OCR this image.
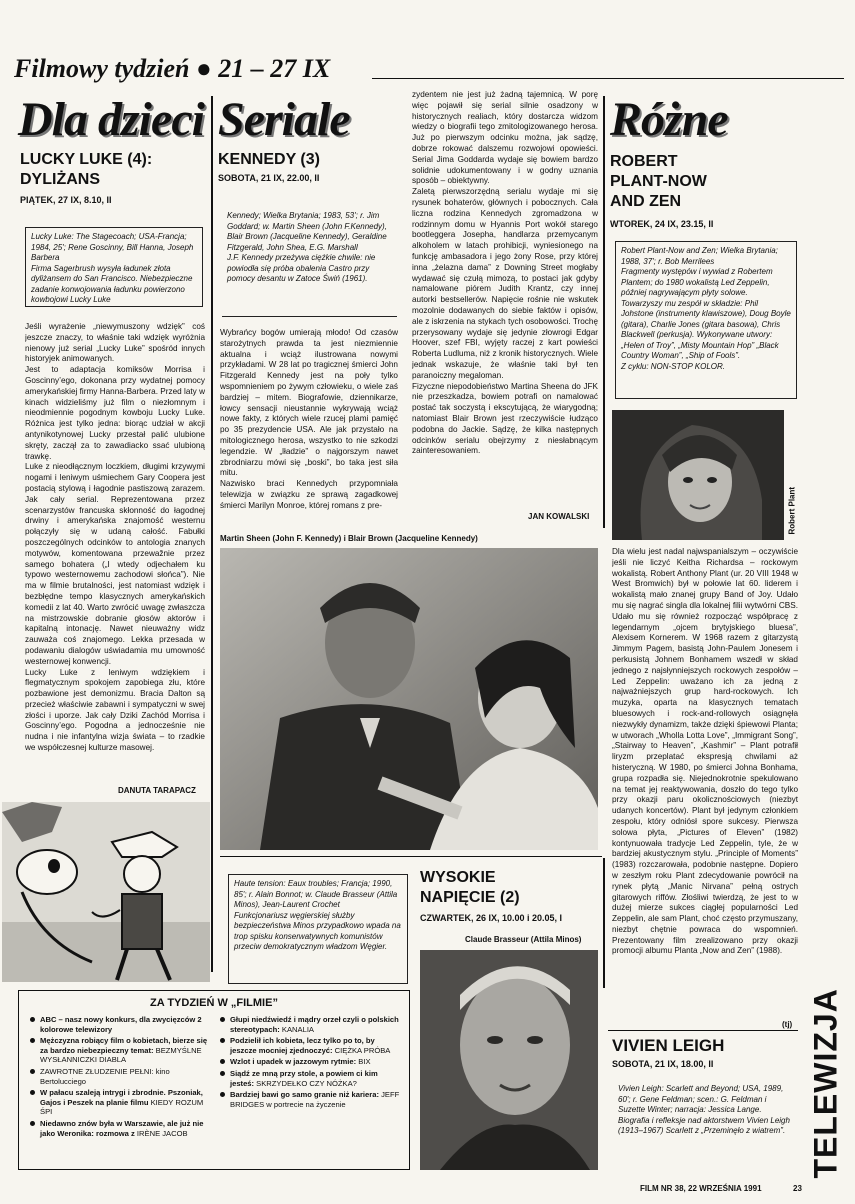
Filmowy tydzień ● 21 – 27 IX
Dla dzieci
LUCKY LUKE (4):
DYLIŻANS
PIĄTEK, 27 IX, 8.10, II
Lucky Luke: The Stagecoach; USA-Francja; 1984, 25'; Rene Goscinny, Bill Hanna, Joseph Barbera
Firma Sagerbrush wysyła ładunek złota dyliżansem do San Francisco. Niebezpieczne zadanie konwojowania ładunku powierzono kowbojowi Lucky Luke
Jeśli wyrażenie „niewymuszony wdzięk” coś jeszcze znaczy, to właśnie taki wdzięk wyróżnia nienowy już serial „Lucky Luke” spośród innych historyjek animowanych.
Jest to adaptacja komiksów Morrisa i Goscinny’ego, dokonana przy wydatnej pomocy amerykańskiej firmy Hanna-Barbera. Przed laty w kinach widzieliśmy już film o niezłomnym i nieodmiennie pogodnym kowboju Lucky Luke. Różnica jest tylko jedna: biorąc udział w akcji antynikotynowej Lucky przestał palić ulubione skręty, zaczął za to zawadiacko ssać ulubioną trawkę.
Luke z nieodłącznym loczkiem, długimi krzywymi nogami i leniwym uśmiechem Gary Coopera jest postacią stylową i łagodnie pastiszową zarazem. Jak cały serial. Reprezentowana przez scenarzystów francuska skłonność do łagodnej drwiny i amerykańska znajomość westernu połączyły się w udaną całość. Fabułki poszczególnych odcinków to antologia znanych motywów, komentowana przewažnie przez samego bohatera („I wtedy odjechałem ku typowo westernowemu zachodowi słońca”). Nie ma w filmie brutalności, jest natomiast wdzięk i bezbłędne tempo klasycznych amerykańskich komedii z lat 40. Warto zwrócić uwagę zwłaszcza na mistrzowskie dobranie głosów aktorów i kapitalną intonację. Nawet nieuważny widz zauważa coś znajomego. Lekka przesada w podawaniu dialogów uświadamia mu umowność westernowej konwencji.
Lucky Luke z leniwym wdziękiem i flegmatycznym spokojem zapobiega złu, które pozbawione jest demonizmu. Bracia Dalton są przecież właściwie zabawni i sympatyczni w swej złości i uporze. Jak cały Dziki Zachód Morrisa i Goscinny’ego. Pogodna a jednocześnie nie nudna i nie infantylna wizja świata – to rzadkie we współczesnej kulturze masowej.
DANUTA TARAPACZ
Seriale
KENNEDY (3)
SOBOTA, 21 IX, 22.00, II
Kennedy; Wielka Brytania; 1983, 53'; r. Jim Goddard; w. Martin Sheen (John F.Kennedy), Blair Brown (Jacqueline Kennedy), Geraldine Fitzgerald, John Shea, E.G. Marshall
J.F. Kennedy przeżywa ciężkie chwile: nie powiodła się próba obalenia Castro przy pomocy desantu w Zatoce Świń (1961).
Wybrańcy bogów umierają młodo! Od czasów starożytnych prawda ta jest niezmiennie aktualna i wciąż ilustrowana nowymi przykładami. W 28 lat po tragicznej śmierci John Fitzgerald Kennedy jest na poły tylko wspomnieniem po żywym człowieku, o wiele zaś bardziej – mitem. Biografowie, dziennikarze, łowcy sensacji nieustannie wykrywają wciąż nowe fakty, z których wiele rzucej plami pamięć po 35 prezydencie USA. Ale jak przystało na mitologicznego herosa, wszystko to nie szkodzi legendzie. W „lładzie” o najgorszym nawet zbrodniarzu mówi się „boski”, bo taka jest siła mitu.
Nazwisko braci Kennedych przypomniała telewizja w związku ze sprawą zagadkowej śmierci Marilyn Monroe, której romans z pre-
zydentem nie jest już żadną tajemnicą. W porę więc pojawił się serial silnie osadzony w historycznych realiach, który dostarcza widzom wiedzy o biografii tego zmitologizowanego herosa. Już po pierwszym odcinku można, jak sądzę, dobrze rokować dalszemu rozwojowi opowieści. Serial Jima Goddarda wydaje się bowiem bardzo solidnie udokumentowany i w godny uznania sposób – obiektywny.
Zaletą pierwszorzędną serialu wydaje mi się rysunek bohaterów, głównych i pobocznych. Cała liczna rodzina Kennedych zgromadzona w rodzinnym domu w Hyannis Port wokół starego bootleggera Josepha, handlarza przemycanym alkoholem w latach prohibicji, wyniesionego na funkcję ambasadora i jego żony Rose, przy której inna „żelazna dama” z Downing Street mogłaby wydawać się czułą mimozą, to postaci jak gdyby namalowane piórem Judith Krantz, czy innej autorki bestsellerów. Napięcie rośnie nie wskutek mozolnie dodawanych do siebie faktów i opisów, ale z iskrzenia na stykach tych osobowości. Trochę przerysowany wydaje się jedynie złowrogi Edgar Hoover, szef FBI, wyjęty raczej z kart powieści Roberta Ludluma, niż z kronik historycznych. Wiele jednak wskazuje, że właśnie taki był ten paranoiczny megaloman.
Fizyczne niepodobieństwo Martina Sheena do JFK nie przeszkadza, bowiem potrafi on namalować postać tak soczystą i ekscytującą, że wiarygodną; natomiast Blair Brown jest rzeczywiście łudząco podobna do Jackie. Sądzę, że kilka następnych odcinków serialu obejrzymy z niesłabnącym zainteresowaniem.
JAN KOWALSKI
Martin Sheen (John F. Kennedy) i Blair Brown (Jacqueline Kennedy)
Haute tension: Eaux troubles; Francja; 1990, 85'; r. Alain Bonnot; w. Claude Brasseur (Attila Minos), Jean-Laurent Crochet
Funkcjonariusz węgierskiej służby bezpieczeństwa Minos przypadkowo wpada na trop spisku konserwatywnych komunistów przeciw demokratycznym władzom Węgier.
WYSOKIE
NAPIĘCIE (2)
CZWARTEK, 26 IX, 10.00 i 20.05, I
Claude Brasseur (Attila Minos)
Różne
ROBERT
PLANT-NOW
AND ZEN
WTOREK, 24 IX, 23.15, II
Robert Plant-Now and Zen; Wielka Brytania; 1988, 37'; r. Bob Merrilees
Fragmenty występów i wywiad z Robertem Plantem; do 1980 wokalistą Led Zeppelin, później nagrywającym płyty solowe. Towarzyszy mu zespół w składzie: Phil Johstone (instrumenty klawiszowe), Doug Boyle (gitara), Charlie Jones (gitara basowa), Chris Blackwell (perkusja). Wykonywane utwory: „Helen of Troy”, „Misty Mountain Hop” „Black Country Woman”, „Ship of Fools”.
Z cyklu: NON-STOP KOLOR.
Robert Plant
Dla wielu jest nadal najwspanialszym – oczywiście jeśli nie liczyć Keitha Richardsa – rockowym wokalistą. Robert Anthony Plant (ur. 20 VIII 1948 w West Bromwich) był w połowie lat 60. liderem i wokalistą mało znanej grupy Band of Joy. Udało mu się nagrać singla dla lokalnej filii wytwórni CBS. Udało mu się również rozpocząć współpracę z legendarnym „ojcem brytyjskiego bluesa”, Alexisem Kornerem. W 1968 razem z gitarzystą Jimmym Pagem, basistą John-Paulem Jonesem i perkusistą Johnem Bonhamem wszedł w skład jednego z najsłynniejszych rockowych zespołów – Led Zeppelin: uważano ich za jedną z najważniejszych grup hard-rockowych. Ich muzyka, oparta na klasycznych tematach bluesowych i rock-and-rollowych osiągnęła niezwykły dynamizm, także dzięki śpiewowi Planta; w utworach „Wholla Lotta Love”, „Immigrant Song”, „Stairway to Heaven”, „Kashmir” – Plant potrafił liryzm przeplatać ekspresją chwilami aż histeryczną. W 1980, po śmierci Johna Bonhama, grupa rozpadła się. Niejednokrotnie spekulowano na temat jej reaktywowania, doszło do tego tylko przy okazji paru okolicznościowych (niezbyt udanych koncertów). Plant był jedynym członkiem zespołu, który odniósł spore sukcesy. Pierwsza solowa płyta, „Pictures of Eleven” (1982) kontynuowała tradycje Led Zeppelin, tyle, że w bardziej akustycznym stylu. „Principle of Moments” (1983) rozczarowała, podobnie następne. Dopiero w zeszłym roku Plant zdecydowanie powrócił na rynek płytą „Manic Nirvana” pełną ostrych gitarowych riffów. Złośliwi twierdzą, że jest to w dużej mierze sukces ciągłej popularności Led Zeppelin, ale sam Plant, choć często przymuszany, niezbyt chętnie powraca do wspomnień. Prezentowany film zrealizowano przy okazji promocji albumu Planta „Now and Zen” (1988).
(tj)
VIVIEN LEIGH
SOBOTA, 21 IX, 18.00, II
Vivien Leigh: Scarlett and Beyond; USA, 1989, 60'; r. Gene Feldman; scen.: G. Feldman i Suzette Winter; narracja: Jessica Lange.
Biografia i refleksje nad aktorstwem Vivien Leigh (1913–1967) Scarlett z „Przeminęło z wiatrem”.
ZA TYDZIEŃ W „FILMIE”
ABC – nasz nowy konkurs, dla zwycięzców 2 kolorowe telewizory
Mężczyzna robiący film o kobietach, bierze się za bardzo niebezpieczny temat: BEZMYŚLNE WYSŁANNICZKI DIABLA
ZAWROTNE ZŁUDZENIE PEŁNI: kino Bertolucciego
W pałacu szaleją intrygi i zbrodnie. Pszoniak, Gajos i Peszek na planie filmu KIEDY ROZUM ŚPI
Niedawno znów była w Warszawie, ale już nie jako Weronika: rozmowa z IRÈNE JACOB
Głupi niedźwiedź i mądry orzeł czyli o polskich stereotypach: KANALIA
Podzielił ich kobieta, lecz tylko po to, by jeszcze mocniej zjednoczyć: CIĘŻKA PRÓBA
Wzlot i upadek w jazzowym rytmie: BIX
Siądź ze mną przy stole, a powiem ci kim jesteś: SKRZYDEŁKO CZY NÓŻKA?
Bardziej bawi go samo granie niż kariera: JEFF BRIDGES w portrecie na życzenie	TELEWIZJA
FILM NR 38, 22 WRZEŚNIA 1991	23
